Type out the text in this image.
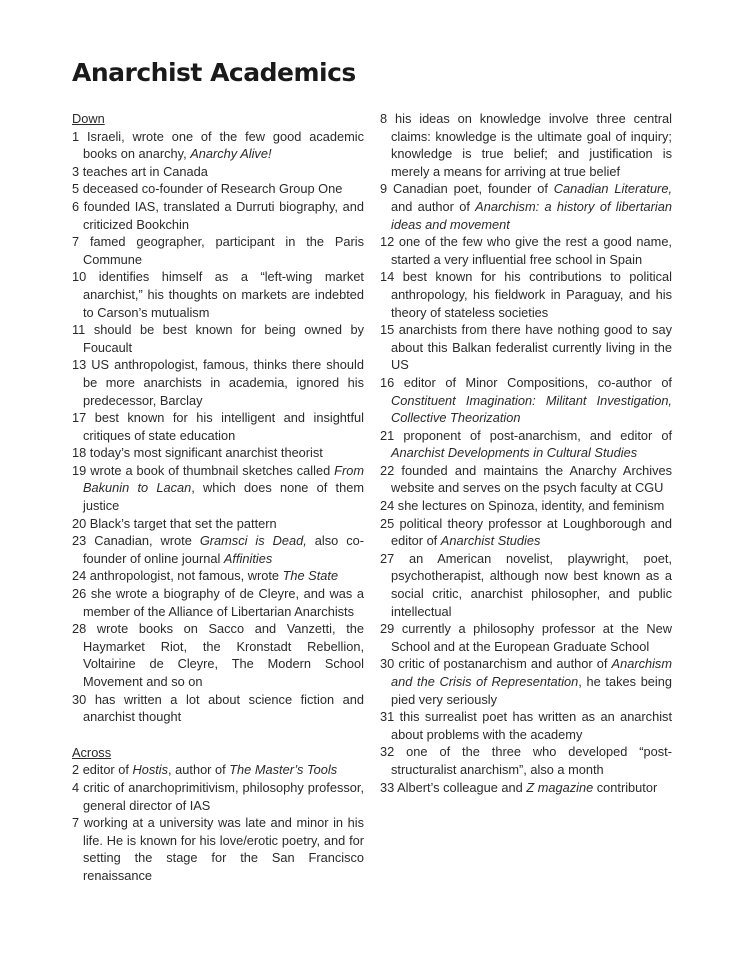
Anarchist Academics

Down

1 Israeli, wrote one of the few good academic books on anarchy, Anarchy Alive!

3 teaches art in Canada

5 deceased co-founder of Research Group One

6 founded IAS, translated a Durruti biography, and criticized Bookchin

7 famed geographer, participant in the Paris Commune

10 identifies himself as a “left-wing market anarchist,” his thoughts on markets are indebted to Carson’s mutualism

11 should be best known for being owned by Foucault

13 US anthropologist, famous, thinks there should be more anarchists in academia, ignored his predecessor, Barclay

17 best known for his intelligent and insightful critiques of state education

18 today’s most significant anarchist theorist

19 wrote a book of thumbnail sketches called From Bakunin to Lacan, which does none of them justice

20 Black’s target that set the pattern

23 Canadian, wrote Gramsci is Dead, also co-founder of online journal Affinities

24 anthropologist, not famous, wrote The State

26 she wrote a biography of de Cleyre, and was a member of the Alliance of Libertarian Anarchists

28 wrote books on Sacco and Vanzetti, the Haymarket Riot, the Kronstadt Rebellion, Voltairine de Cleyre, The Modern School Movement and so on

30 has written a lot about science fiction and anarchist thought

Across

2 editor of Hostis, author of The Master’s Tools

4 critic of anarchoprimitivism, philosophy professor, general director of IAS

7 working at a university was late and minor in his life. He is known for his love/erotic poetry, and for setting the stage for the San Francisco renaissance

8 his ideas on knowledge involve three central claims: knowledge is the ultimate goal of inquiry; knowledge is true belief; and justification is merely a means for arriving at true belief

9 Canadian poet, founder of Canadian Literature, and author of Anarchism: a history of libertarian ideas and movement

12 one of the few who give the rest a good name, started a very influential free school in Spain

14 best known for his contributions to political anthropology, his fieldwork in Paraguay, and his theory of stateless societies

15 anarchists from there have nothing good to say about this Balkan federalist currently living in the US

16 editor of Minor Compositions, co-author of Constituent Imagination: Militant Investigation, Collective Theorization

21 proponent of post-anarchism, and editor of Anarchist Developments in Cultural Studies

22 founded and maintains the Anarchy Archives website and serves on the psych faculty at CGU

24 she lectures on Spinoza, identity, and feminism

25 political theory professor at Loughborough and editor of Anarchist Studies

27 an American novelist, playwright, poet, psychotherapist, although now best known as a social critic, anarchist philosopher, and public intellectual

29 currently a philosophy professor at the New School and at the European Graduate School

30 critic of postanarchism and author of Anarchism and the Crisis of Representation, he takes being pied very seriously

31 this surrealist poet has written as an anarchist about problems with the academy

32 one of the three who developed “post-structuralist anarchism”, also a month

33 Albert’s colleague and Z magazine contributor
